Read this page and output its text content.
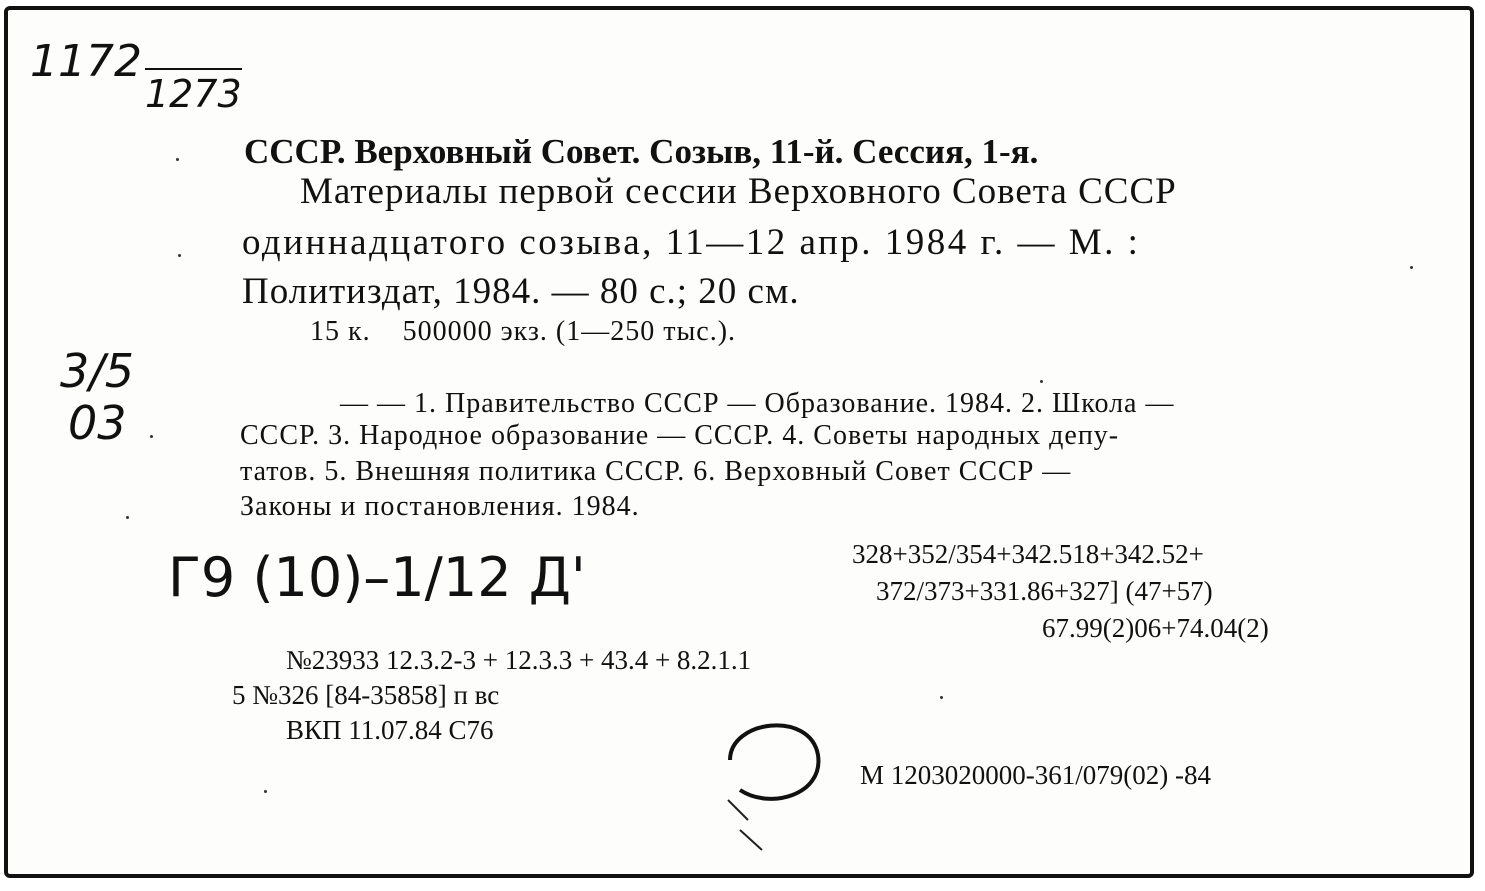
1172
1273
3/5
03
Г9 (10)–1/12 Д'
СССР. Верховный Совет. Созыв, 11-й. Сессия, 1-я.
Материалы первой сессии Верховного Совета СССР
одиннадцатого созыва, 11—12 апр. 1984 г. — М. :
Политиздат, 1984. — 80 с.; 20 см.
15 к.    500000 экз. (1—250 тыс.).
— — 1. Правительство СССР — Образование. 1984. 2. Школа —
СССР. 3. Народное образование — СССР. 4. Советы народных депу-
татов. 5. Внешняя политика СССР. 6. Верховный Совет СССР —
Законы и постановления. 1984.
328+352/354+342.518+342.52+
372/373+331.86+327] (47+57)
67.99(2)06+74.04(2)
№23933 12.3.2-3 + 12.3.3 + 43.4 + 8.2.1.1
5 №326 [84-35858] п вс
ВКП 11.07.84 С76
М 1203020000-361/079(02) -84
